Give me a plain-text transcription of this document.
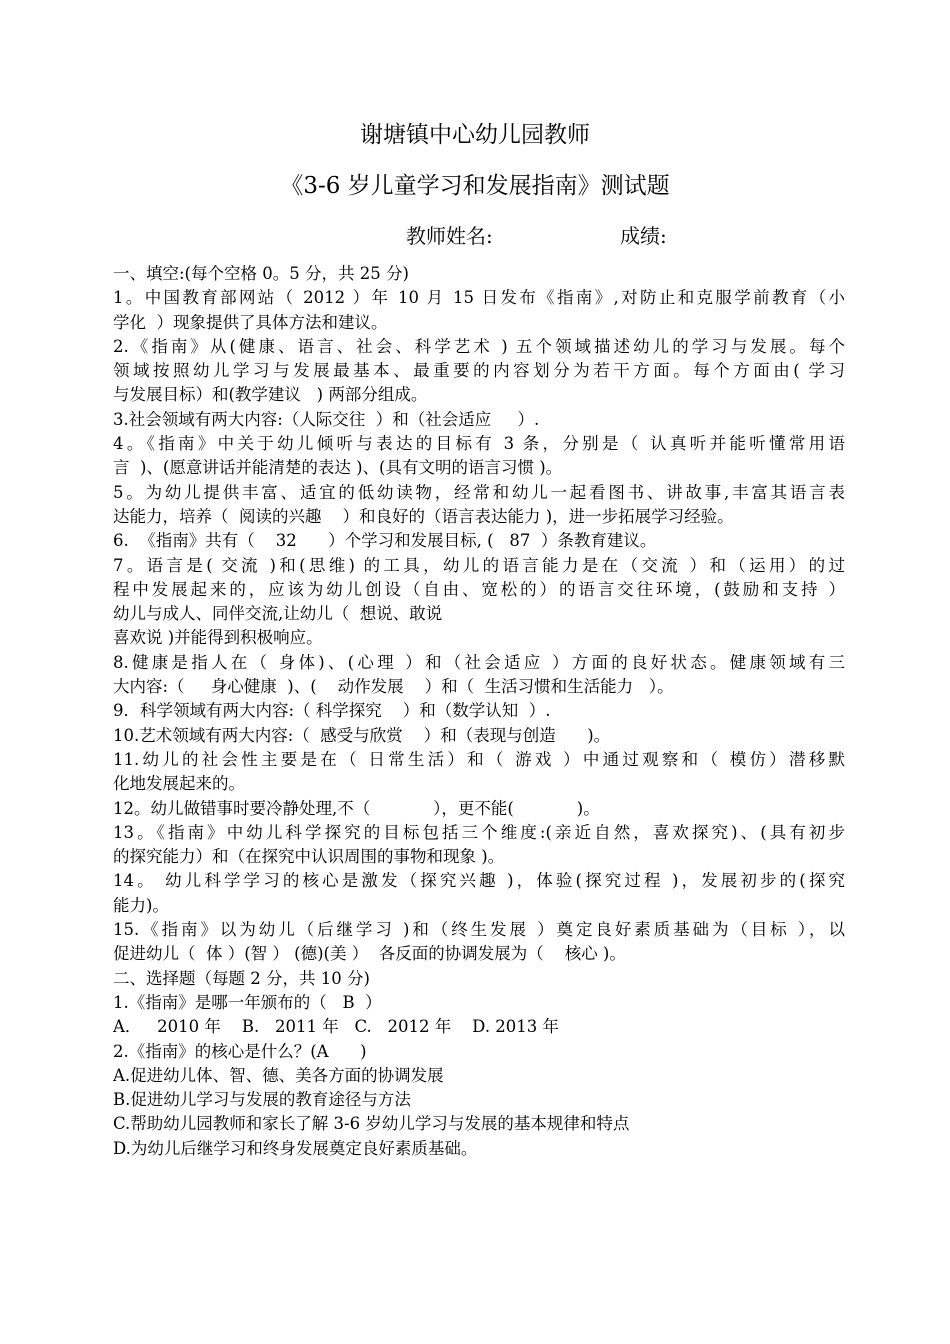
谢塘镇中心幼儿园教师
《3-6 岁儿童学习和发展指南》测试题
教师姓名:	成绩:
一、填空:(每个空格 0。5 分，共 25 分)
1。中国教育部网站（ 2012 ）年 10 月 15 日发布《指南》,对防止和克服学前教育（小
学化  ）现象提供了具体方法和建议。
2.《指南》从(健康、语言、社会、科学艺术 ) 五个领域描述幼儿的学习与发展。每个
领域按照幼儿学习与发展最基本、最重要的内容划分为若干方面。每个方面由( 学习
与发展目标）和(教学建议   ) 两部分组成。
3.社会领域有两大内容:（人际交往  ）和（社会适应     ）.
4。《指南》中关于幼儿倾听与表达的目标有 3 条，分别是（ 认真听并能听懂常用语
言  )、(愿意讲话并能清楚的表达 )、(具有文明的语言习惯 )。
5。为幼儿提供丰富、适宜的低幼读物，经常和幼儿一起看图书、讲故事,丰富其语言表
达能力，培养（  阅读的兴趣    ）和良好的（语言表达能力 )，进一步拓展学习经验。
6.  《指南》共有（    32      ）个学习和发展目标, (   87  ）条教育建议。
7。语言是( 交流 )和(思维) 的工具，幼儿的语言能力是在（交流 ）和（运用）的过
程中发展起来的，应该为幼儿创设（自由、宽松的）的语言交往环境，(鼓励和支持 ）
幼儿与成人、同伴交流,让幼儿（  想说、敢说
喜欢说 )并能得到积极响应。
8.健康是指人在（ 身体)、(心理 ）和（社会适应 ）方面的良好状态。健康领域有三
大内容:（     身心健康  )、(    动作发展    ）和（  生活习惯和生活能力   ）。
9．科学领域有两大内容:（ 科学探究    ）和（数学认知  ）.
10.艺术领域有两大内容:（  感受与欣赏    ）和（表现与创造      )。
11.幼儿的社会性主要是在（ 日常生活）和（ 游戏 ）中通过观察和（ 模仿）潜移默
化地发展起来的。
12。幼儿做错事时要冷静处理,不（            ），更不能(            )。
13。《指南》中幼儿科学探究的目标包括三个维度:(亲近自然，喜欢探究)、(具有初步
的探究能力）和（在探究中认识周围的事物和现象 )。
14。 幼儿科学学习的核心是激发（探究兴趣 )，体验(探究过程 )，发展初步的(探究
能力)。
15.《指南》以为幼儿（后继学习 )和（终生发展 ）奠定良好素质基础为（目标 ），以
促进幼儿（  体 ）(智 ） (德)(美 ）  各反面的协调发展为（    核心 )。
二、选择题（每题 2 分，共 10 分)
1.《指南》是哪一年颁布的（   B  ）
A．   2010 年    B.   2011 年   C.   2012 年    D. 2013 年
2.《指南》的核心是什么？(A      )
A.促进幼儿体、智、德、美各方面的协调发展
B.促进幼儿学习与发展的教育途径与方法
C.帮助幼儿园教师和家长了解 3-6 岁幼儿学习与发展的基本规律和特点
D.为幼儿后继学习和终身发展奠定良好素质基础。
